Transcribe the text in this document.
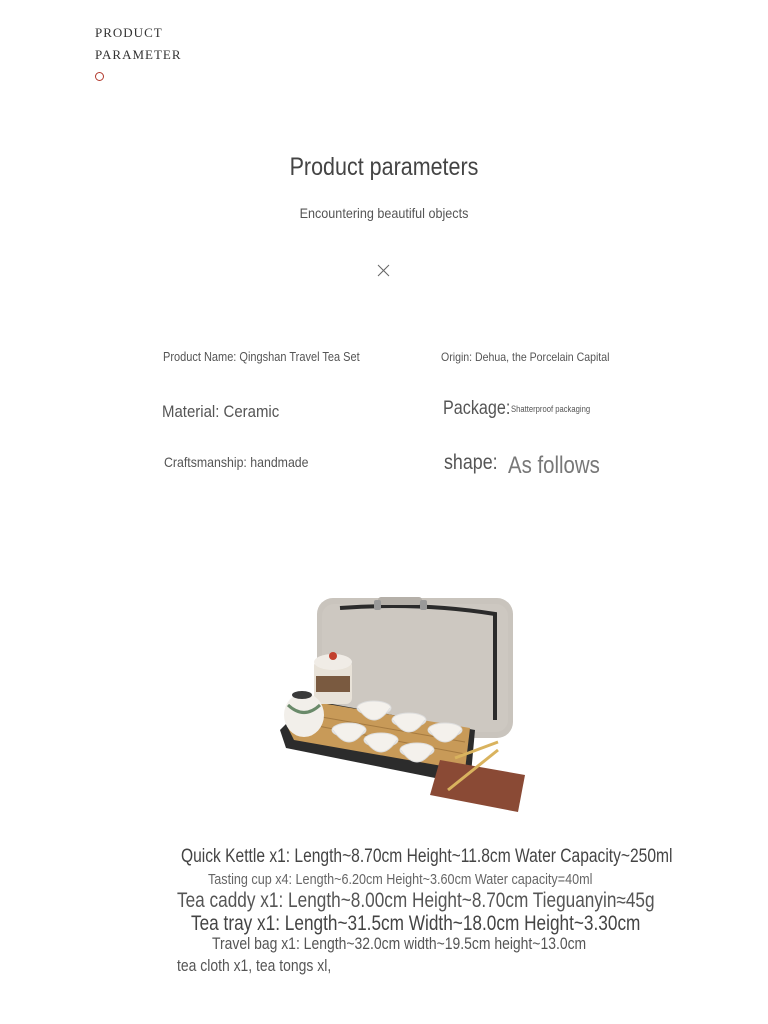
PRODUCT
PARAMETER
Product parameters
Encountering beautiful objects
Product Name: Qingshan Travel Tea Set	Origin: Dehua, the Porcelain Capital
Material: Ceramic	Package: Shatterproof packaging
Craftsmanship: handmade	shape: As follows
Quick Kettle x1: Length~8.70cm Height~11.8cm Water Capacity~250ml
Tasting cup x4: Length~6.20cm Height~3.60cm Water capacity=40ml
Tea caddy x1: Length~8.00cm Height~8.70cm Tieguanyin≈45g
Tea tray x1: Length~31.5cm Width~18.0cm Height~3.30cm
Travel bag x1: Length~32.0cm width~19.5cm height~13.0cm
tea cloth x1, tea tongs xl,
